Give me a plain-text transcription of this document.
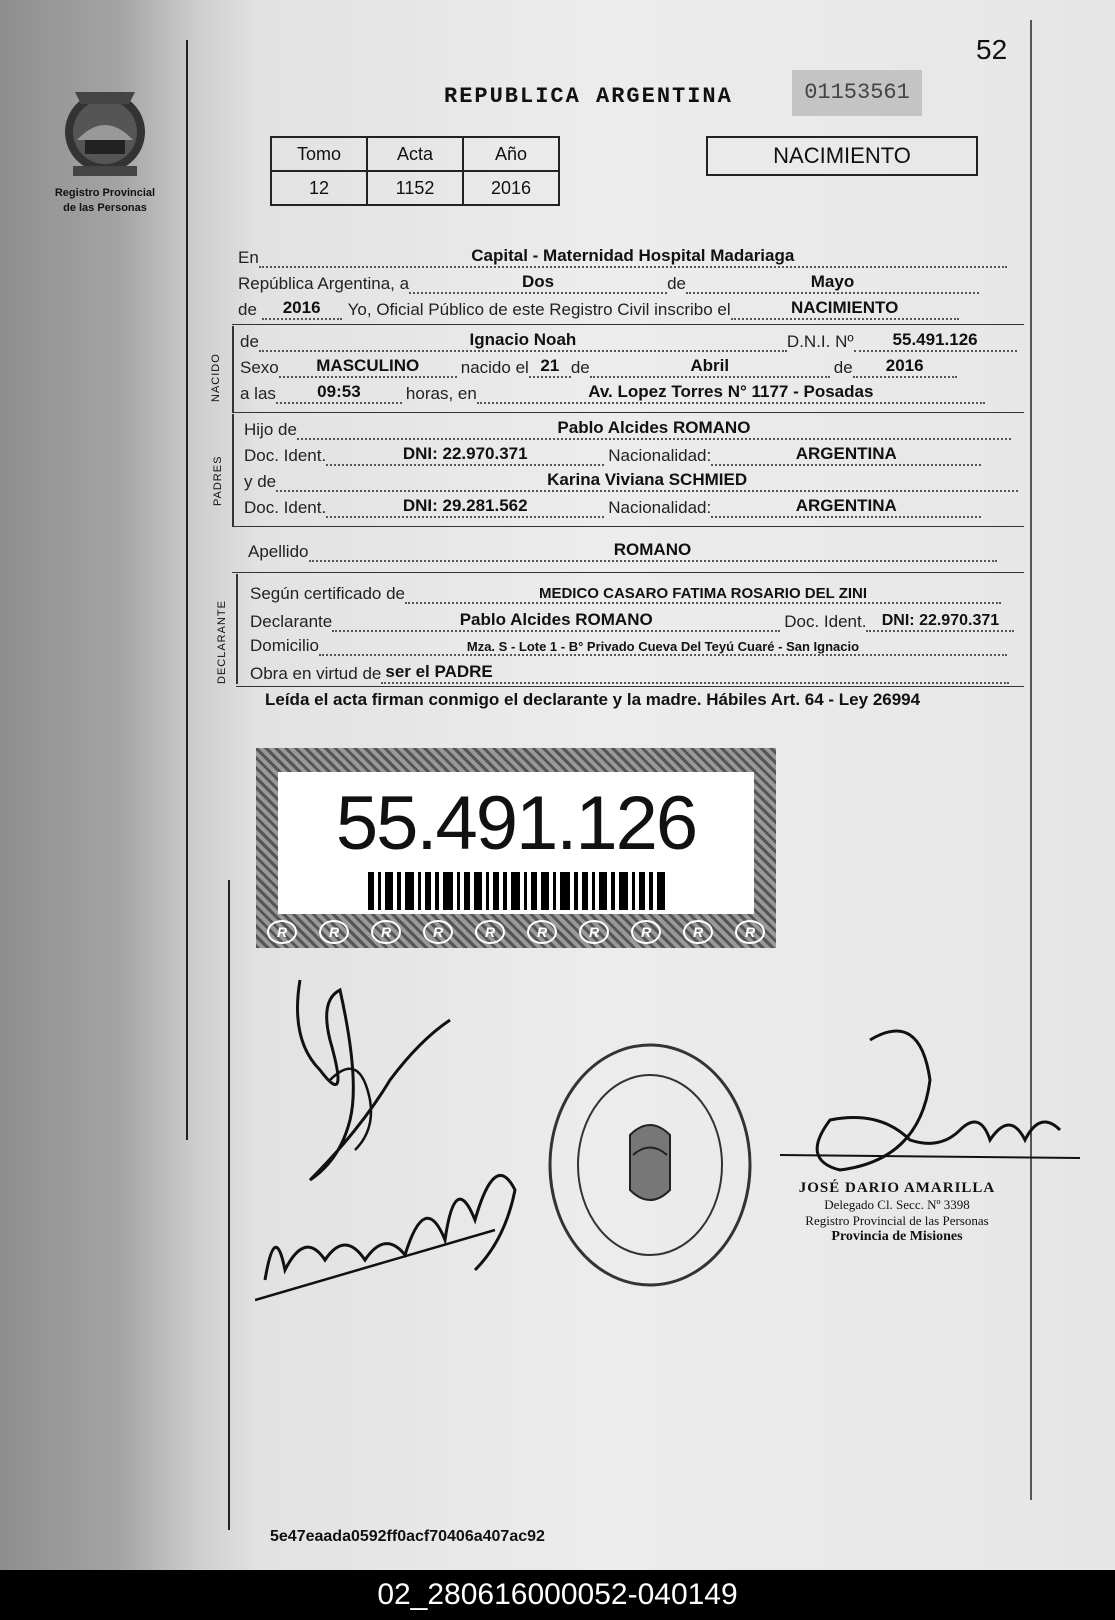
52
Registro Provincial
de las Personas
REPUBLICA ARGENTINA	01153561
Tomo	Acta	Año
12	1152	2016
NACIMIENTO
En	Capital - Maternidad Hospital Madariaga
República Argentina, a	Dos	de	Mayo
de	2016	Yo, Oficial Público de este Registro Civil inscribo el	NACIMIENTO
NACIDO
de	Ignacio Noah	D.N.I. Nº	55.491.126
Sexo	MASCULINO	nacido el 21 de	Abril	de	2016
a las	09:53	horas, en	Av. Lopez Torres N° 1177 - Posadas
PADRES
Hijo de	Pablo Alcides ROMANO
Doc. Ident.	DNI: 22.970.371	Nacionalidad:	ARGENTINA
y de	Karina Viviana SCHMIED
Doc. Ident.	DNI: 29.281.562	Nacionalidad:	ARGENTINA
Apellido	ROMANO
DECLARANTE
Según certificado de	MEDICO CASARO FATIMA ROSARIO DEL ZINI
Declarante	Pablo Alcides ROMANO	Doc. Ident. DNI: 22.970.371
Domicilio	Mza. S - Lote 1 - B° Privado Cueva Del Teyú Cuaré - San Ignacio
Obra en virtud de ser el PADRE
Leída el acta firman conmigo el declarante y la madre. Hábiles Art. 64 - Ley 26994
55.491.126
R	R	R	R	R	R	R	R	R	R
JOSÉ DARIO AMARILLA
Delegado Cl. Secc. Nº 3398
Registro Provincial de las Personas
Provincia de Misiones
5e47eaada0592ff0acf70406a407ac92
02_280616000052-040149
